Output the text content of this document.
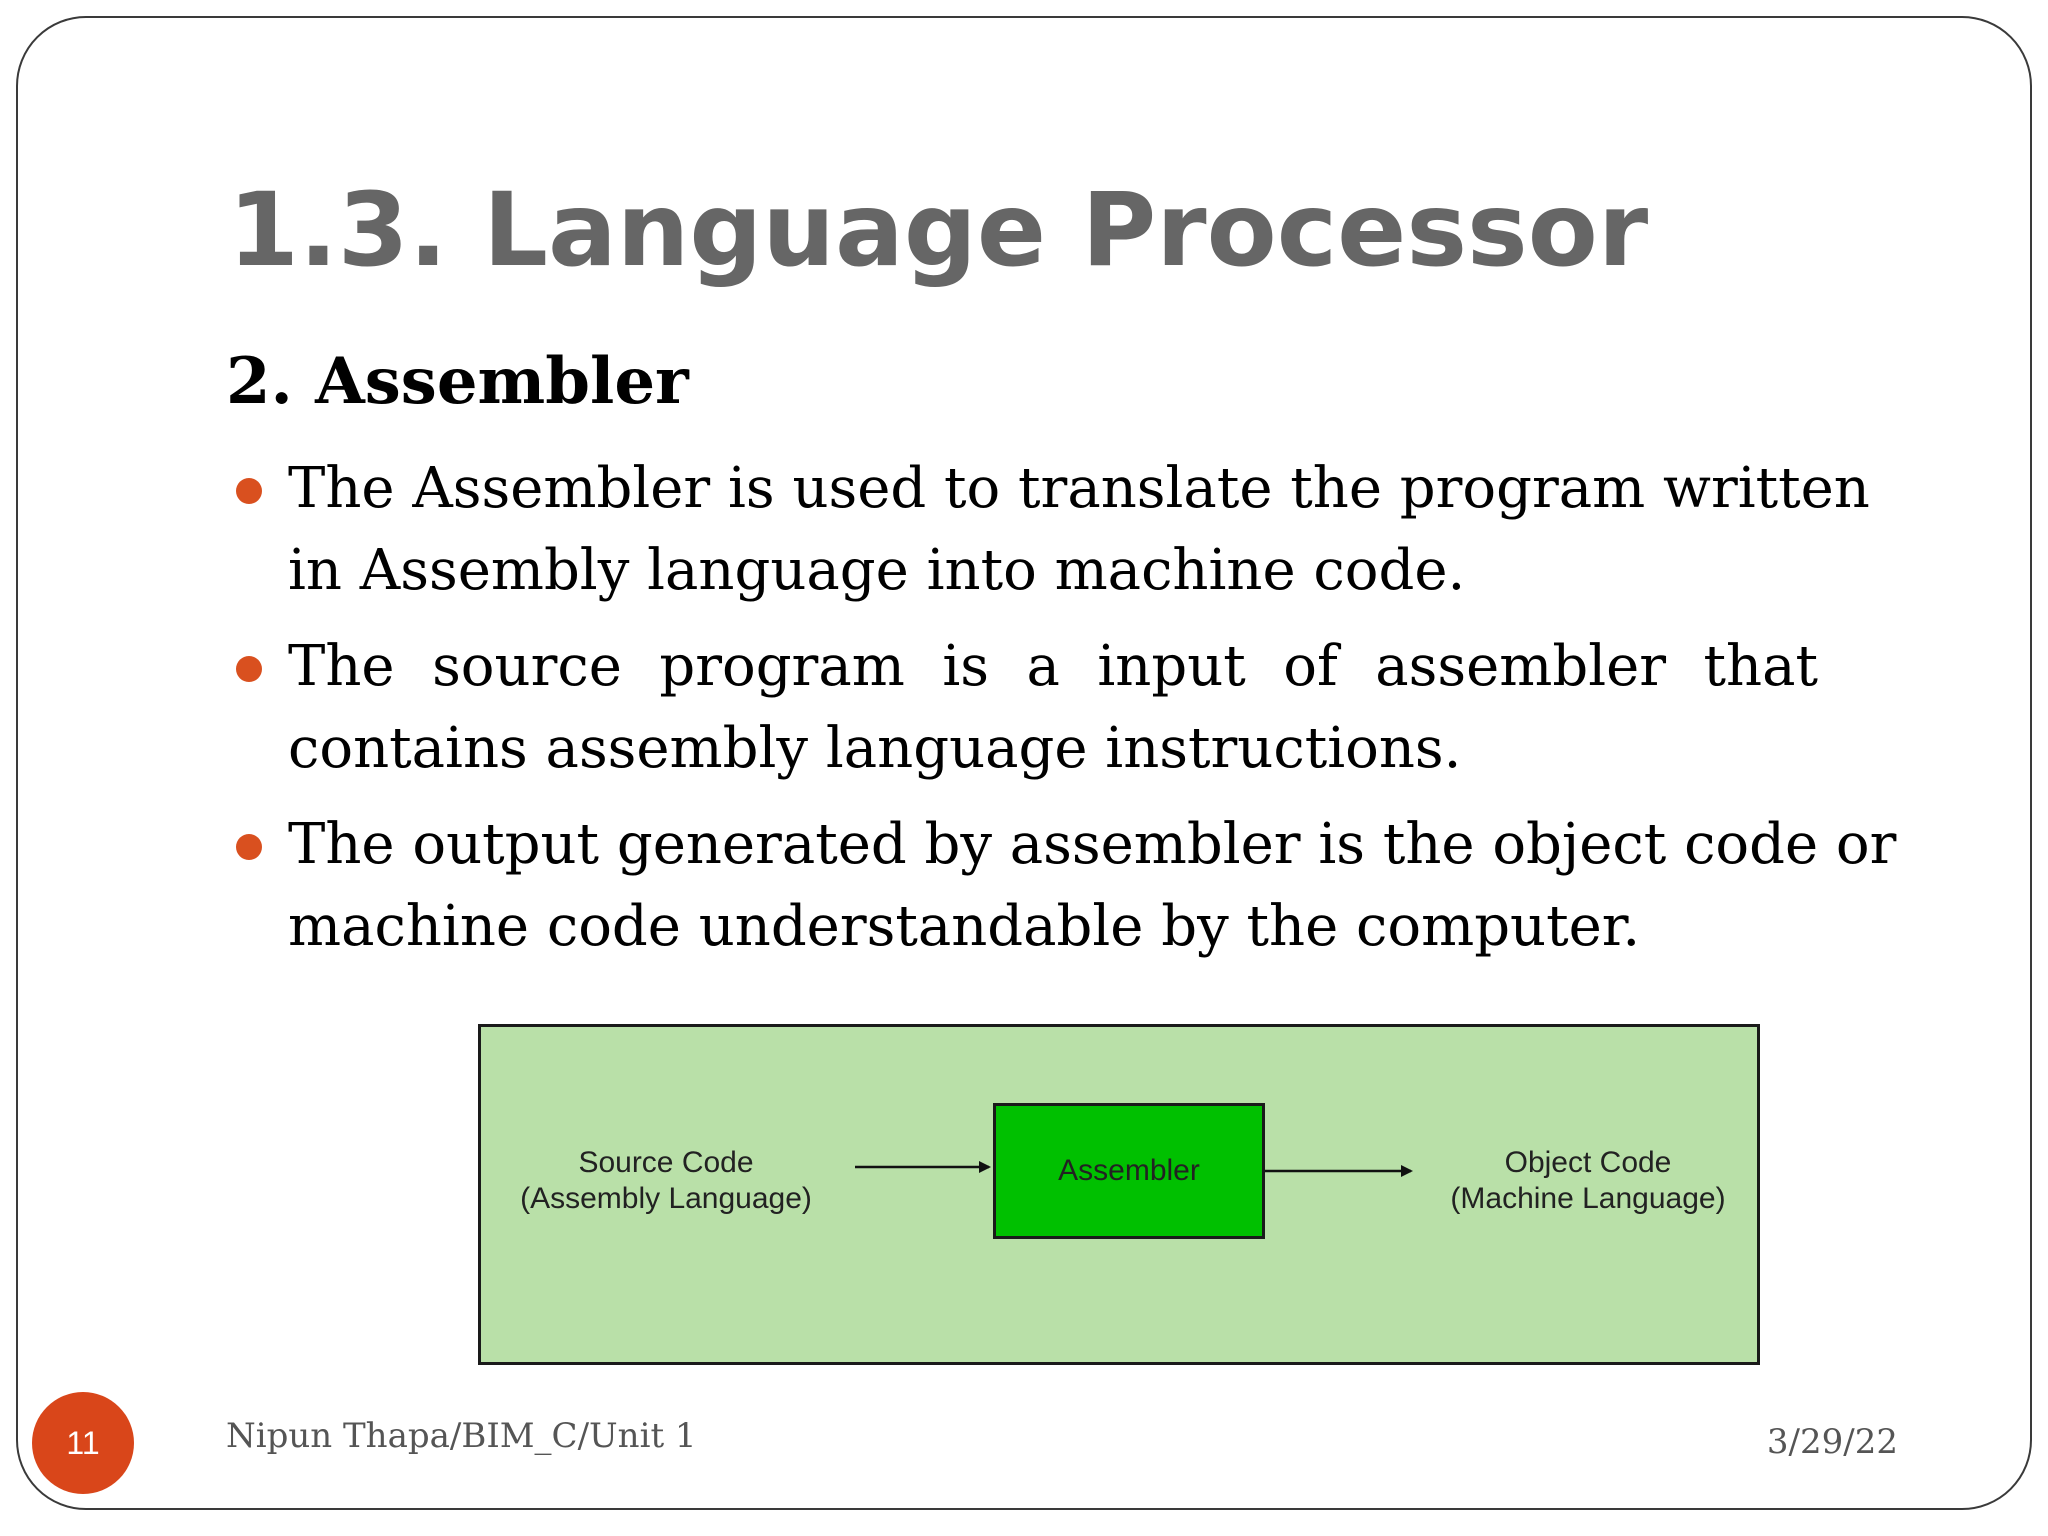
1.3. Language Processor
2. Assembler
The Assembler is used to translate the program written in Assembly language into machine code.
The source program is a input of assembler that contains assembly language instructions.
The output generated by assembler is the object code or machine code understandable by the computer.
Source Code
(Assembly Language)
Assembler	Object Code
(Machine Language)
11	Nipun Thapa/BIM_C/Unit 1	3/29/22
